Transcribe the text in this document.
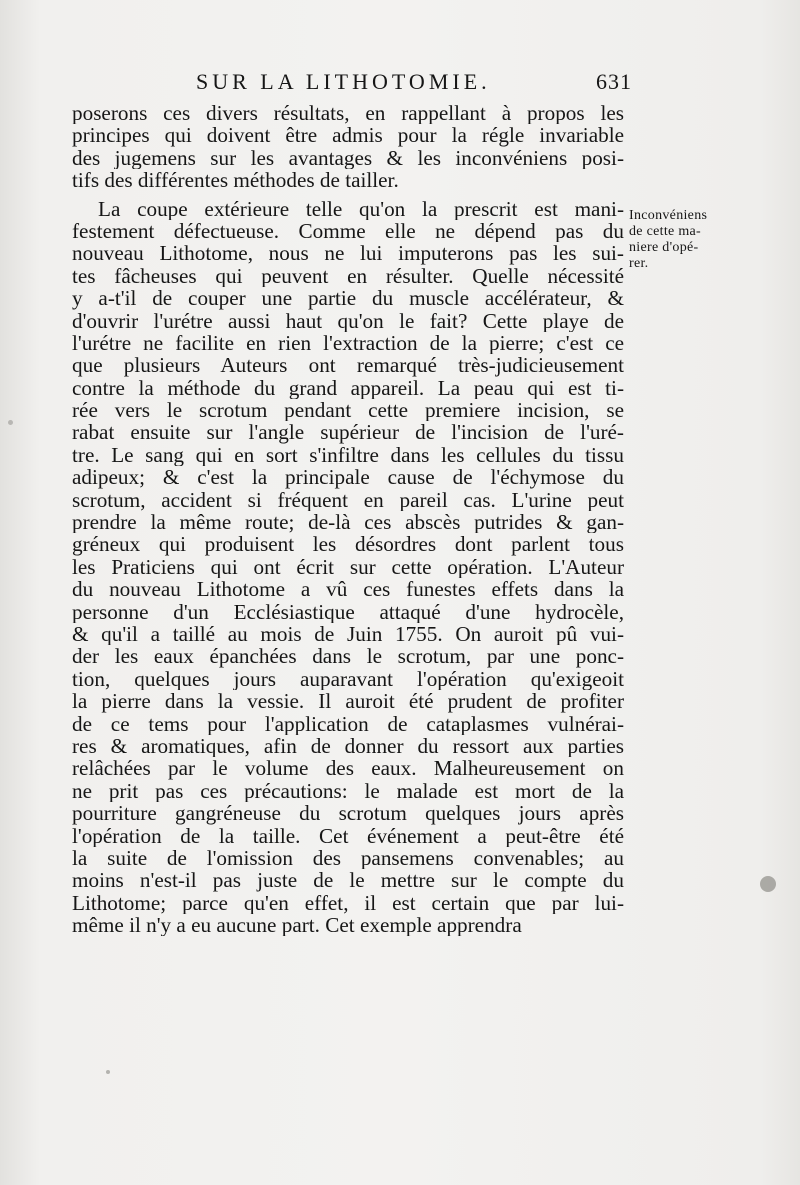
SUR LA LITHOTOMIE.	631
poserons ces divers résultats, en rappellant à propos les
principes qui doivent être admis pour la régle invariable
des jugemens sur les avantages & les inconvéniens posi-
tifs des différentes méthodes de tailler.
La coupe extérieure telle qu'on la prescrit est mani-
festement défectueuse. Comme elle ne dépend pas du
nouveau Lithotome, nous ne lui imputerons pas les sui-
tes fâcheuses qui peuvent en résulter. Quelle nécessité
y a-t'il de couper une partie du muscle accélérateur, &
d'ouvrir l'urétre aussi haut qu'on le fait? Cette playe de
l'urétre ne facilite en rien l'extraction de la pierre; c'est ce
que plusieurs Auteurs ont remarqué très-judicieusement
contre la méthode du grand appareil. La peau qui est ti-
rée vers le scrotum pendant cette premiere incision, se
rabat ensuite sur l'angle supérieur de l'incision de l'uré-
tre. Le sang qui en sort s'infiltre dans les cellules du tissu
adipeux; & c'est la principale cause de l'échymose du
scrotum, accident si fréquent en pareil cas. L'urine peut
prendre la même route; de-là ces abscès putrides & gan-
gréneux qui produisent les désordres dont parlent tous
les Praticiens qui ont écrit sur cette opération. L'Auteur
du nouveau Lithotome a vû ces funestes effets dans la
personne d'un Ecclésiastique attaqué d'une hydrocèle,
& qu'il a taillé au mois de Juin 1755. On auroit pû vui-
der les eaux épanchées dans le scrotum, par une ponc-
tion, quelques jours auparavant l'opération qu'exigeoit
la pierre dans la vessie. Il auroit été prudent de profiter
de ce tems pour l'application de cataplasmes vulnérai-
res & aromatiques, afin de donner du ressort aux parties
relâchées par le volume des eaux. Malheureusement on
ne prit pas ces précautions: le malade est mort de la
pourriture gangréneuse du scrotum quelques jours après
l'opération de la taille. Cet événement a peut-être été
la suite de l'omission des pansemens convenables; au
moins n'est-il pas juste de le mettre sur le compte du
Lithotome; parce qu'en effet, il est certain que par lui-
même il n'y a eu aucune part. Cet exemple apprendra
Inconvéniens
de cette ma-
niere d'opé-
rer.
